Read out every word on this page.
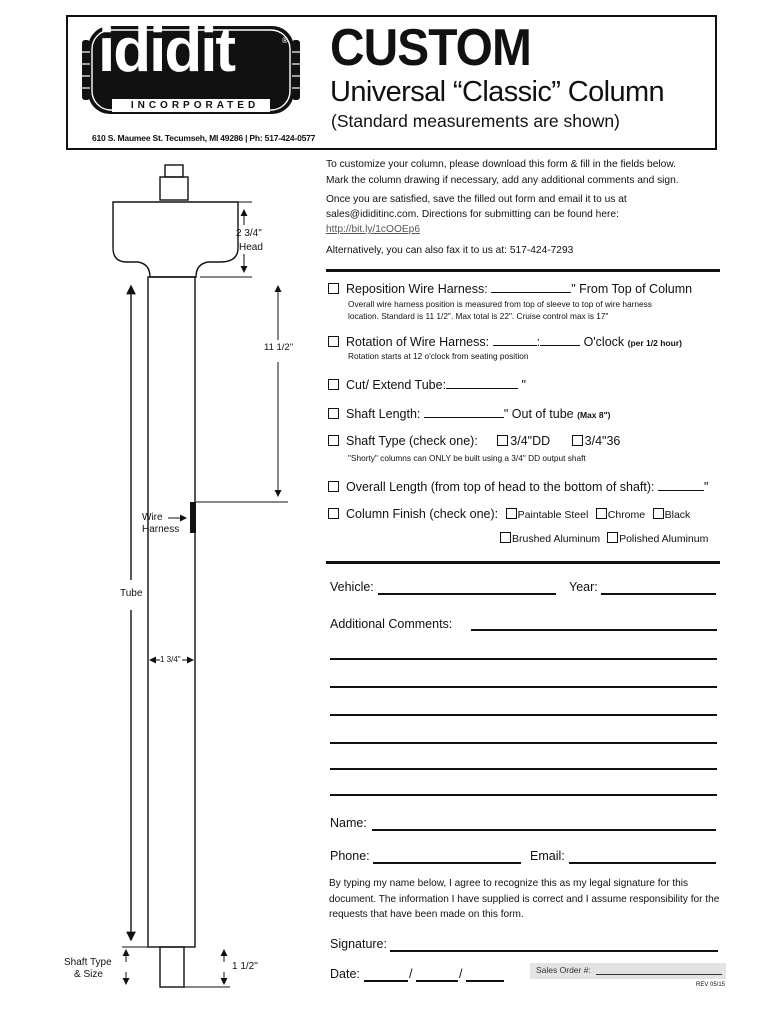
ididit	®
INCORPORATED
610 S. Maumee St. Tecumseh, MI 49286 | Ph: 517-424-0577
CUSTOM
Universal “Classic” Column
(Standard measurements are shown)
To customize your column, please download this form & fill in the fields below.
Mark the column drawing if necessary, add any additional comments and sign.
Once you are satisfied, save the filled out form and email it to us at
sales@ididitinc.com. Directions for submitting can be found here:
http://bit.ly/1cOOEp6
Alternatively, you can also fax it to us at: 517-424-7293
Reposition Wire Harness:	" From Top of Column
Overall wire harness position is measured from top of sleeve to top of wire harness
location. Standard is 11 1/2". Max total is 22". Cruise control max is 17"
Rotation of Wire Harness:	:	O'clock (per 1/2 hour)
Rotation starts at 12 o'clock from seating position
Cut/ Extend Tube:	"
Shaft Length:	" Out of tube (Max 8")
Shaft Type (check one):	3/4"DD	3/4"36
"Shorty" columns can ONLY be built using a 3/4" DD output shaft
Overall Length (from top of head to the bottom of shaft):	"
Column Finish (check one): Paintable Steel Chrome Black
Brushed Aluminum Polished Aluminum
Vehicle:	Year:
Additional Comments:
Name:
Phone:	Email:
By typing my name below, I agree to recognize this as my legal signature for this document. The information I have supplied is correct and I assume responsibility for the requests that have been made on this form.
Signature:
Date:	/	/	Sales Order #:
REV 05/15
2 3/4"
Head
11 1/2"
Wire
Harness
Tube
1 3/4"
Shaft Type
& Size
1 1/2"
